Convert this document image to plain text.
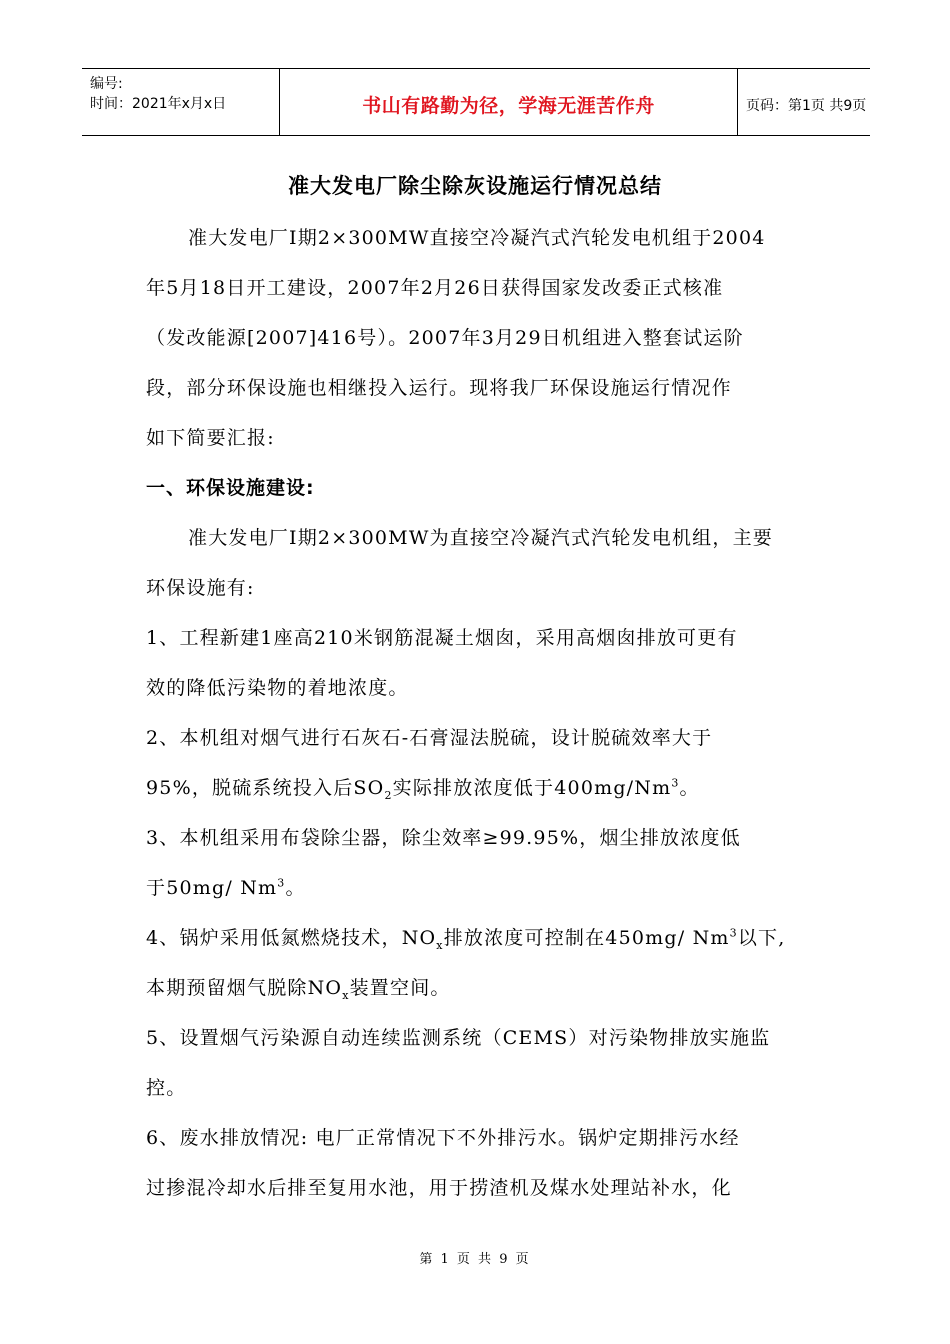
编号:
时间：2021年x月x日	书山有路勤为径，学海无涯苦作舟	页码：第1页 共9页
准大发电厂除尘除灰设施运行情况总结
准大发电厂Ⅰ期2×300MW直接空冷凝汽式汽轮发电机组于2004
年5月18日开工建设，2007年2月26日获得国家发改委正式核准
（发改能源[2007]416号）。2007年3月29日机组进入整套试运阶
段，部分环保设施也相继投入运行。现将我厂环保设施运行情况作
如下简要汇报:
一、环保设施建设:
准大发电厂Ⅰ期2×300MW为直接空冷凝汽式汽轮发电机组，主要
环保设施有:
1、工程新建1座高210米钢筋混凝土烟囱，采用高烟囱排放可更有
效的降低污染物的着地浓度。
2、本机组对烟气进行石灰石-石膏湿法脱硫，设计脱硫效率大于
95%，脱硫系统投入后$SO_2$实际排放浓度低于400mg/Nm$^3$。
3、本机组采用布袋除尘器，除尘效率≥99.95%，烟尘排放浓度低
于50mg/ Nm$^3$。
4、锅炉采用低氮燃烧技术，$NO_x$排放浓度可控制在450mg/ Nm$^3$以下,
本期预留烟气脱除$NO_x$装置空间。
5、设置烟气污染源自动连续监测系统（CEMS）对污染物排放实施监
控。
6、废水排放情况: 电厂正常情况下不外排污水。锅炉定期排污水经
过掺混冷却水后排至复用水池，用于捞渣机及煤水处理站补水，化
第 1 页 共 9 页
